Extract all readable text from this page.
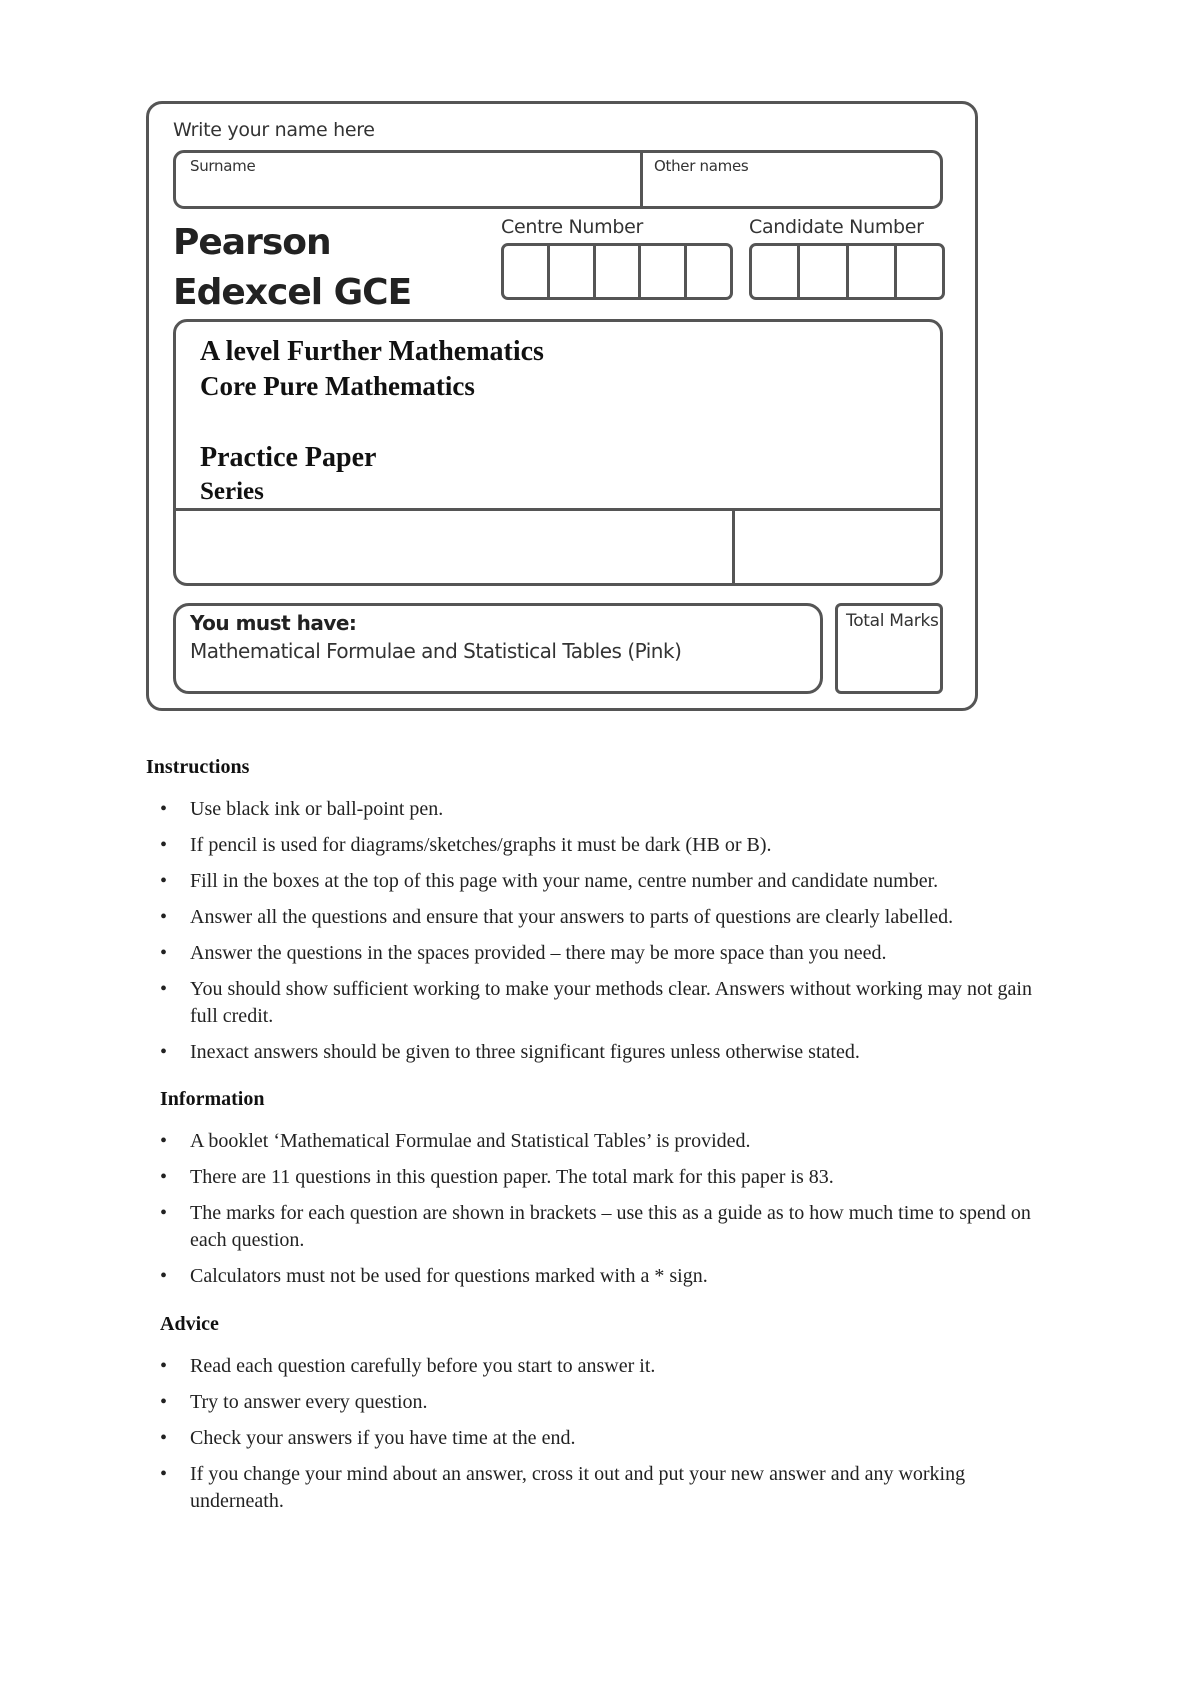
Write your name here
Surname	Other names
Pearson
Edexcel GCE
Centre Number	Candidate Number
A level Further Mathematics
Core Pure Mathematics
Practice Paper
Series
You must have:
Mathematical Formulae and Statistical Tables (Pink)
Total Marks
Instructions
• Use black ink or ball-point pen.
• If pencil is used for diagrams/sketches/graphs it must be dark (HB or B).
• Fill in the boxes at the top of this page with your name, centre number and candidate number.
• Answer all the questions and ensure that your answers to parts of questions are clearly labelled.
• Answer the questions in the spaces provided – there may be more space than you need.
• You should show sufficient working to make your methods clear. Answers without working may not gain full credit.
• Inexact answers should be given to three significant figures unless otherwise stated.
Information
• A booklet ‘Mathematical Formulae and Statistical Tables’ is provided.
• There are 11 questions in this question paper. The total mark for this paper is 83.
• The marks for each question are shown in brackets – use this as a guide as to how much time to spend on each question.
• Calculators must not be used for questions marked with a * sign.
Advice
• Read each question carefully before you start to answer it.
• Try to answer every question.
• Check your answers if you have time at the end.
• If you change your mind about an answer, cross it out and put your new answer and any working underneath.
